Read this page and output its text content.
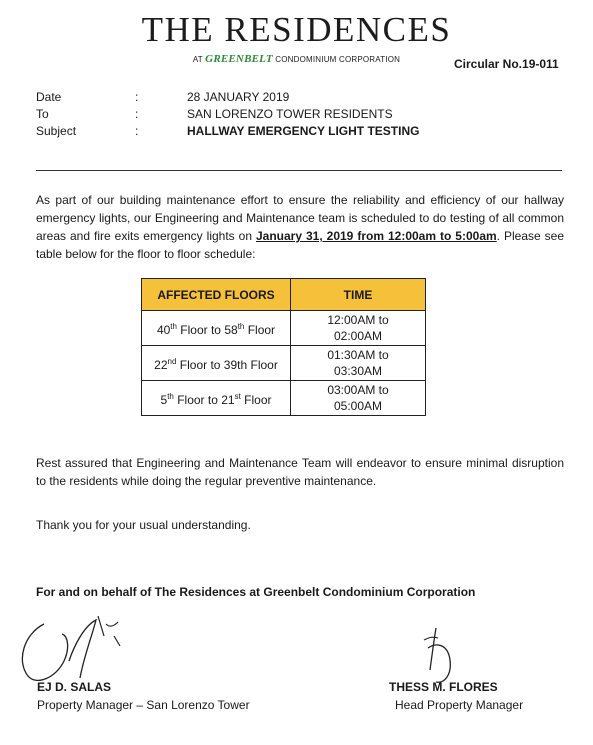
THE RESIDENCES
AT GREENBELT CONDOMINIUM CORPORATION	Circular No.19-011
Date	:	28 JANUARY 2019
To	:	SAN LORENZO TOWER RESIDENTS
Subject	:	HALLWAY EMERGENCY LIGHT TESTING
As part of our building maintenance effort to ensure the reliability and efficiency of our hallway emergency lights, our Engineering and Maintenance team is scheduled to do testing of all common areas and fire exits emergency lights on January 31, 2019 from 12:00am to 5:00am. Please see table below for the floor to floor schedule:
AFFECTED FLOORS	TIME
40th Floor to 58th Floor	12:00AM to
02:00AM

22nd Floor to 39th Floor	01:30AM to
03:30AM

5th Floor to 21st Floor	03:00AM to
05:00AM
Rest assured that Engineering and Maintenance Team will endeavor to ensure minimal disruption to the residents while doing the regular preventive maintenance.
Thank you for your usual understanding.
For and on behalf of The Residences at Greenbelt Condominium Corporation
EJ D. SALAS
Property Manager – San Lorenzo Tower
THESS M. FLORES
Head Property Manager
